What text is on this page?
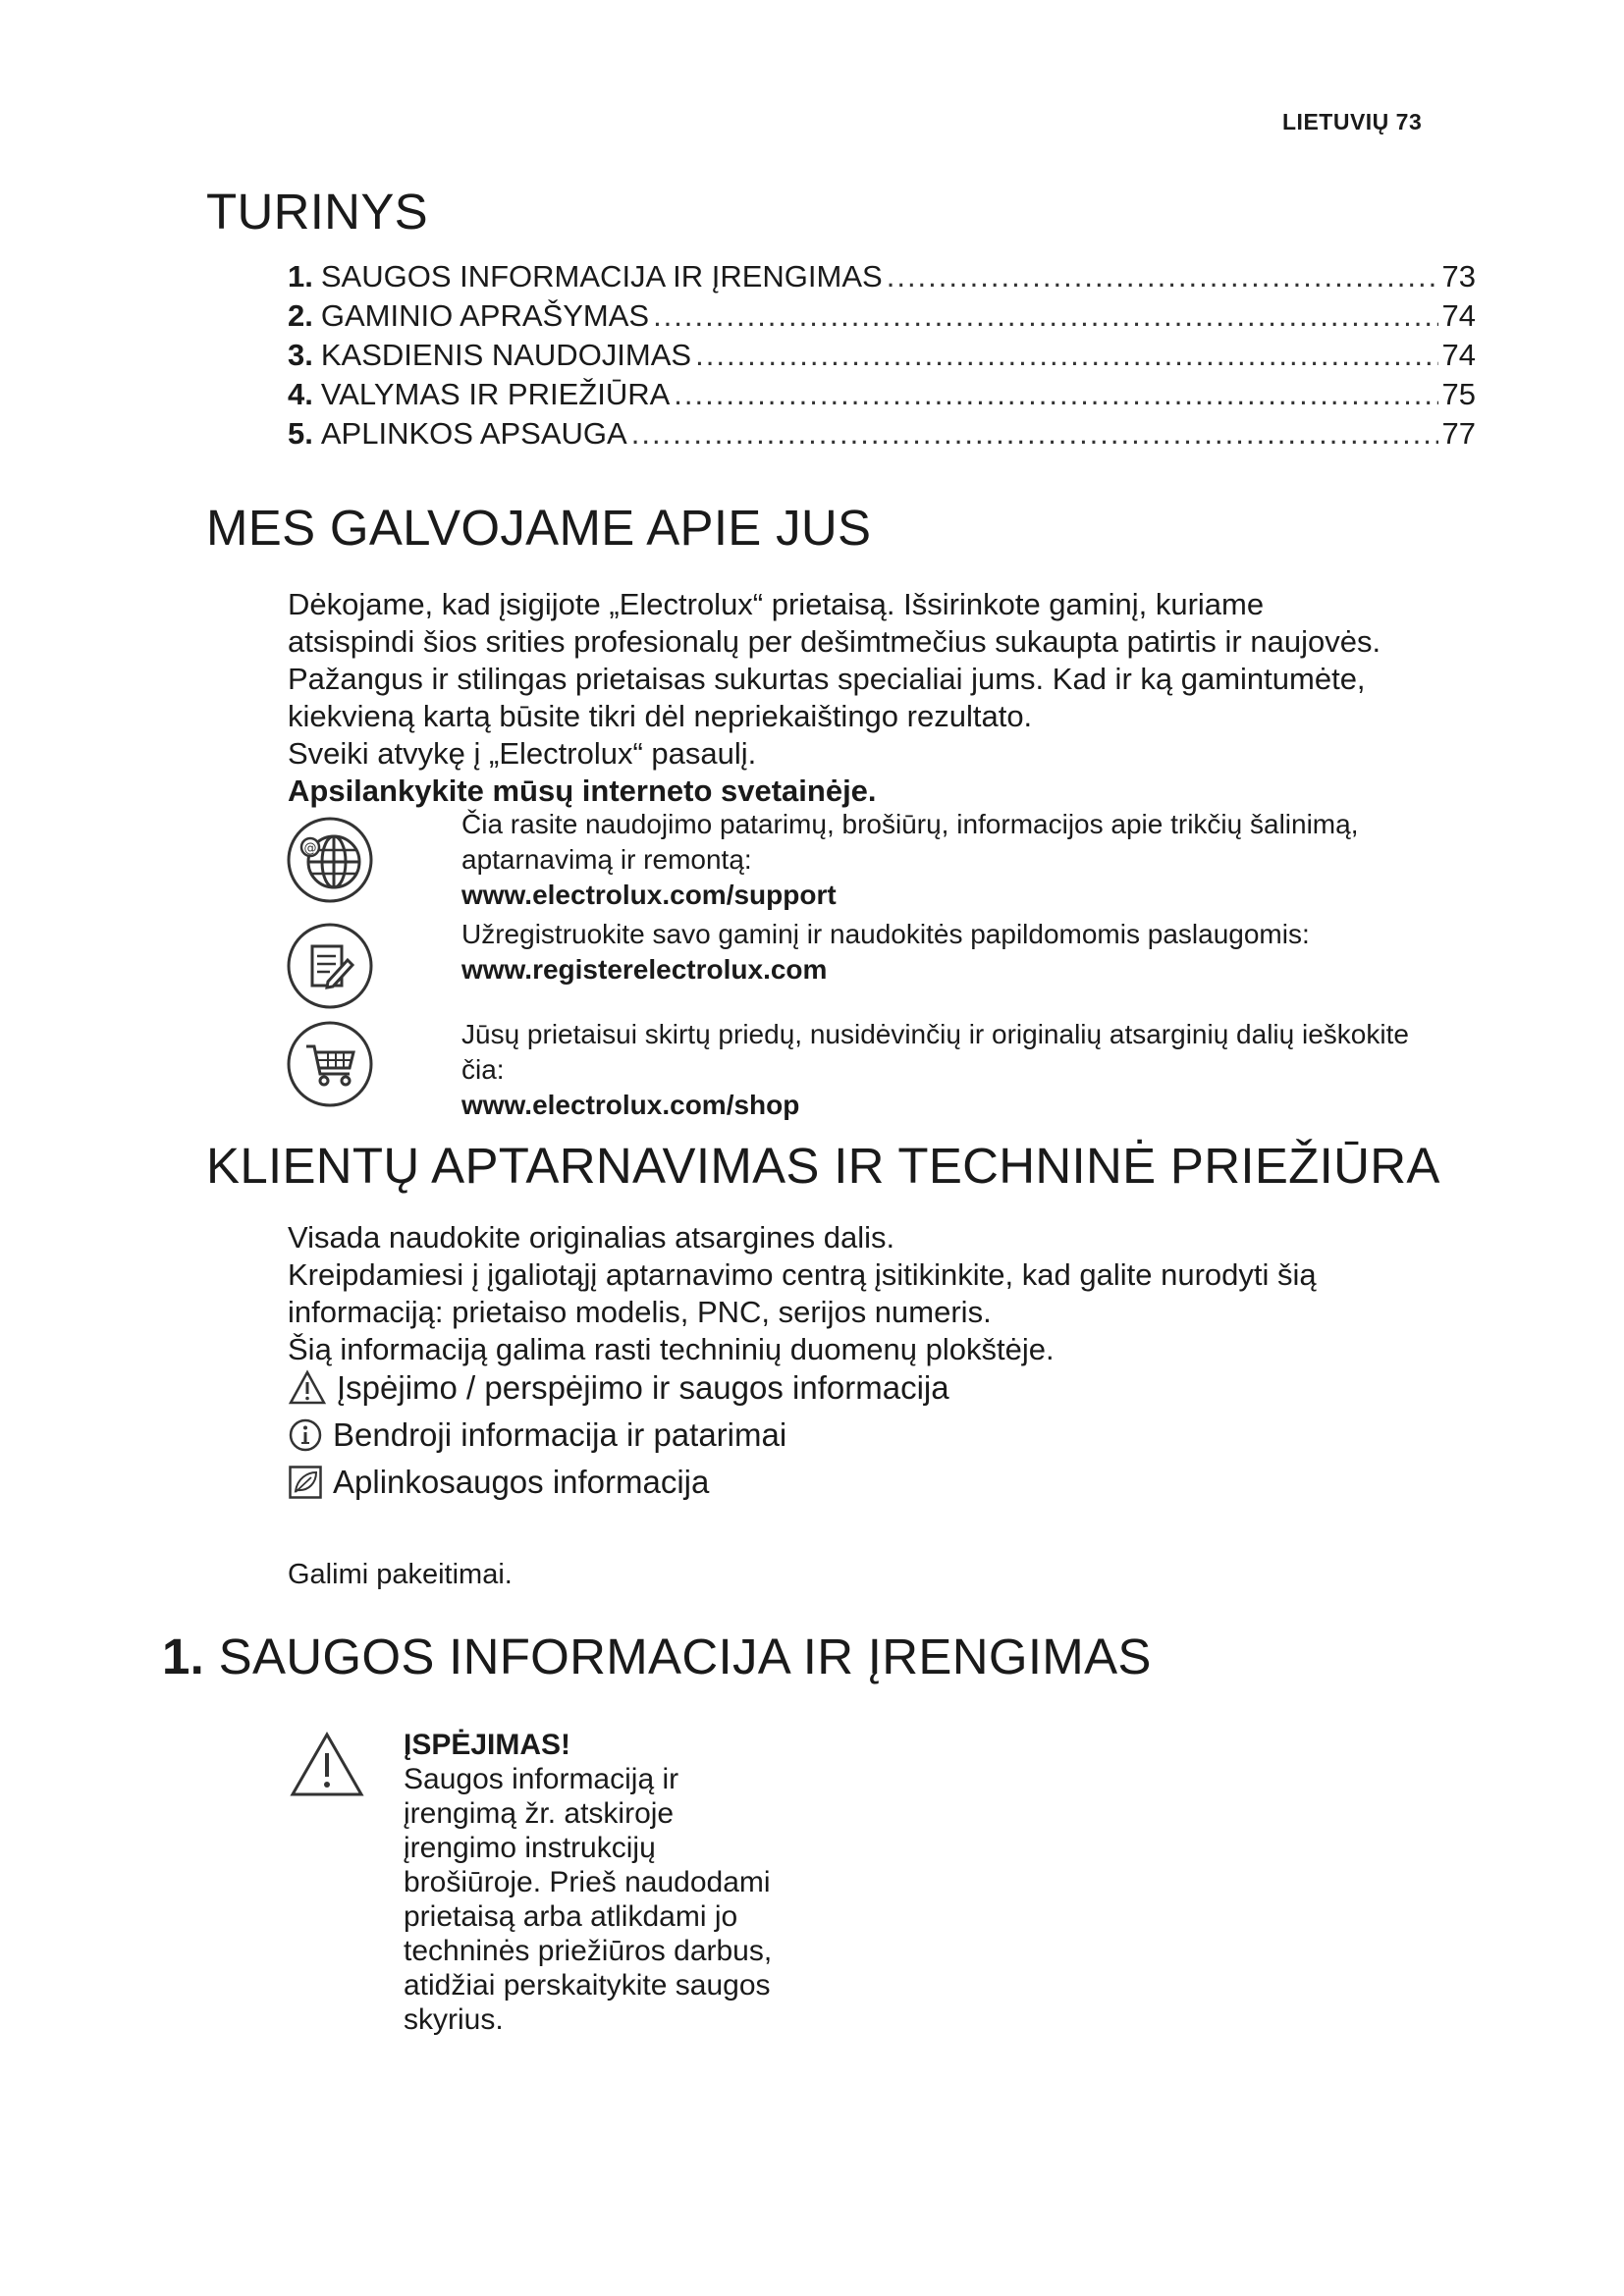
LIETUVIŲ 73
TURINYS
1. SAUGOS INFORMACIJA IR ĮRENGIMAS .....	73
2. GAMINIO APRAŠYMAS .....	74
3. KASDIENIS NAUDOJIMAS .....	74
4. VALYMAS IR PRIEŽIŪRA .....	75
5. APLINKOS APSAUGA .....	77
MES GALVOJAME APIE JUS

Dėkojame, kad įsigijote „Electrolux“ prietaisą. Išsirinkote gaminį, kuriame

atsispindi šios srities profesionalų per dešimtmečius sukaupta patirtis ir naujovės.

Pažangus ir stilingas prietaisas sukurtas specialiai jums. Kad ir ką gamintumėte,

kiekvieną kartą būsite tikri dėl nepriekaištingo rezultato.

Sveiki atvykę į „Electrolux“ pasaulį.

Apsilankykite mūsų interneto svetainėje.

@

Čia rasite naudojimo patarimų, brošiūrų, informacijos apie trikčių šalinimą,

aptarnavimą ir remontą:

www.electrolux.com/support

Užregistruokite savo gaminį ir naudokitės papildomomis paslaugomis:

www.registerelectrolux.com

Jūsų prietaisui skirtų priedų, nusidėvinčių ir originalių atsarginių dalių ieškokite

čia:

www.electrolux.com/shop

KLIENTŲ APTARNAVIMAS IR TECHNINĖ PRIEŽIŪRA

Visada naudokite originalias atsargines dalis.

Kreipdamiesi į įgaliotąjį aptarnavimo centrą įsitikinkite, kad galite nurodyti šią

informaciją: prietaiso modelis, PNC, serijos numeris.

Šią informaciją galima rasti techninių duomenų plokštėje.

Įspėjimo / perspėjimo ir saugos informacija
Bendroji informacija ir patarimai
Aplinkosaugos informacija

Galimi pakeitimai.

1. SAUGOS INFORMACIJA IR ĮRENGIMAS

ĮSPĖJIMAS!

Saugos informaciją ir

įrengimą žr. atskiroje

įrengimo instrukcijų

brošiūroje. Prieš naudodami

prietaisą arba atlikdami jo

techninės priežiūros darbus,

atidžiai perskaitykite saugos

skyrius.
